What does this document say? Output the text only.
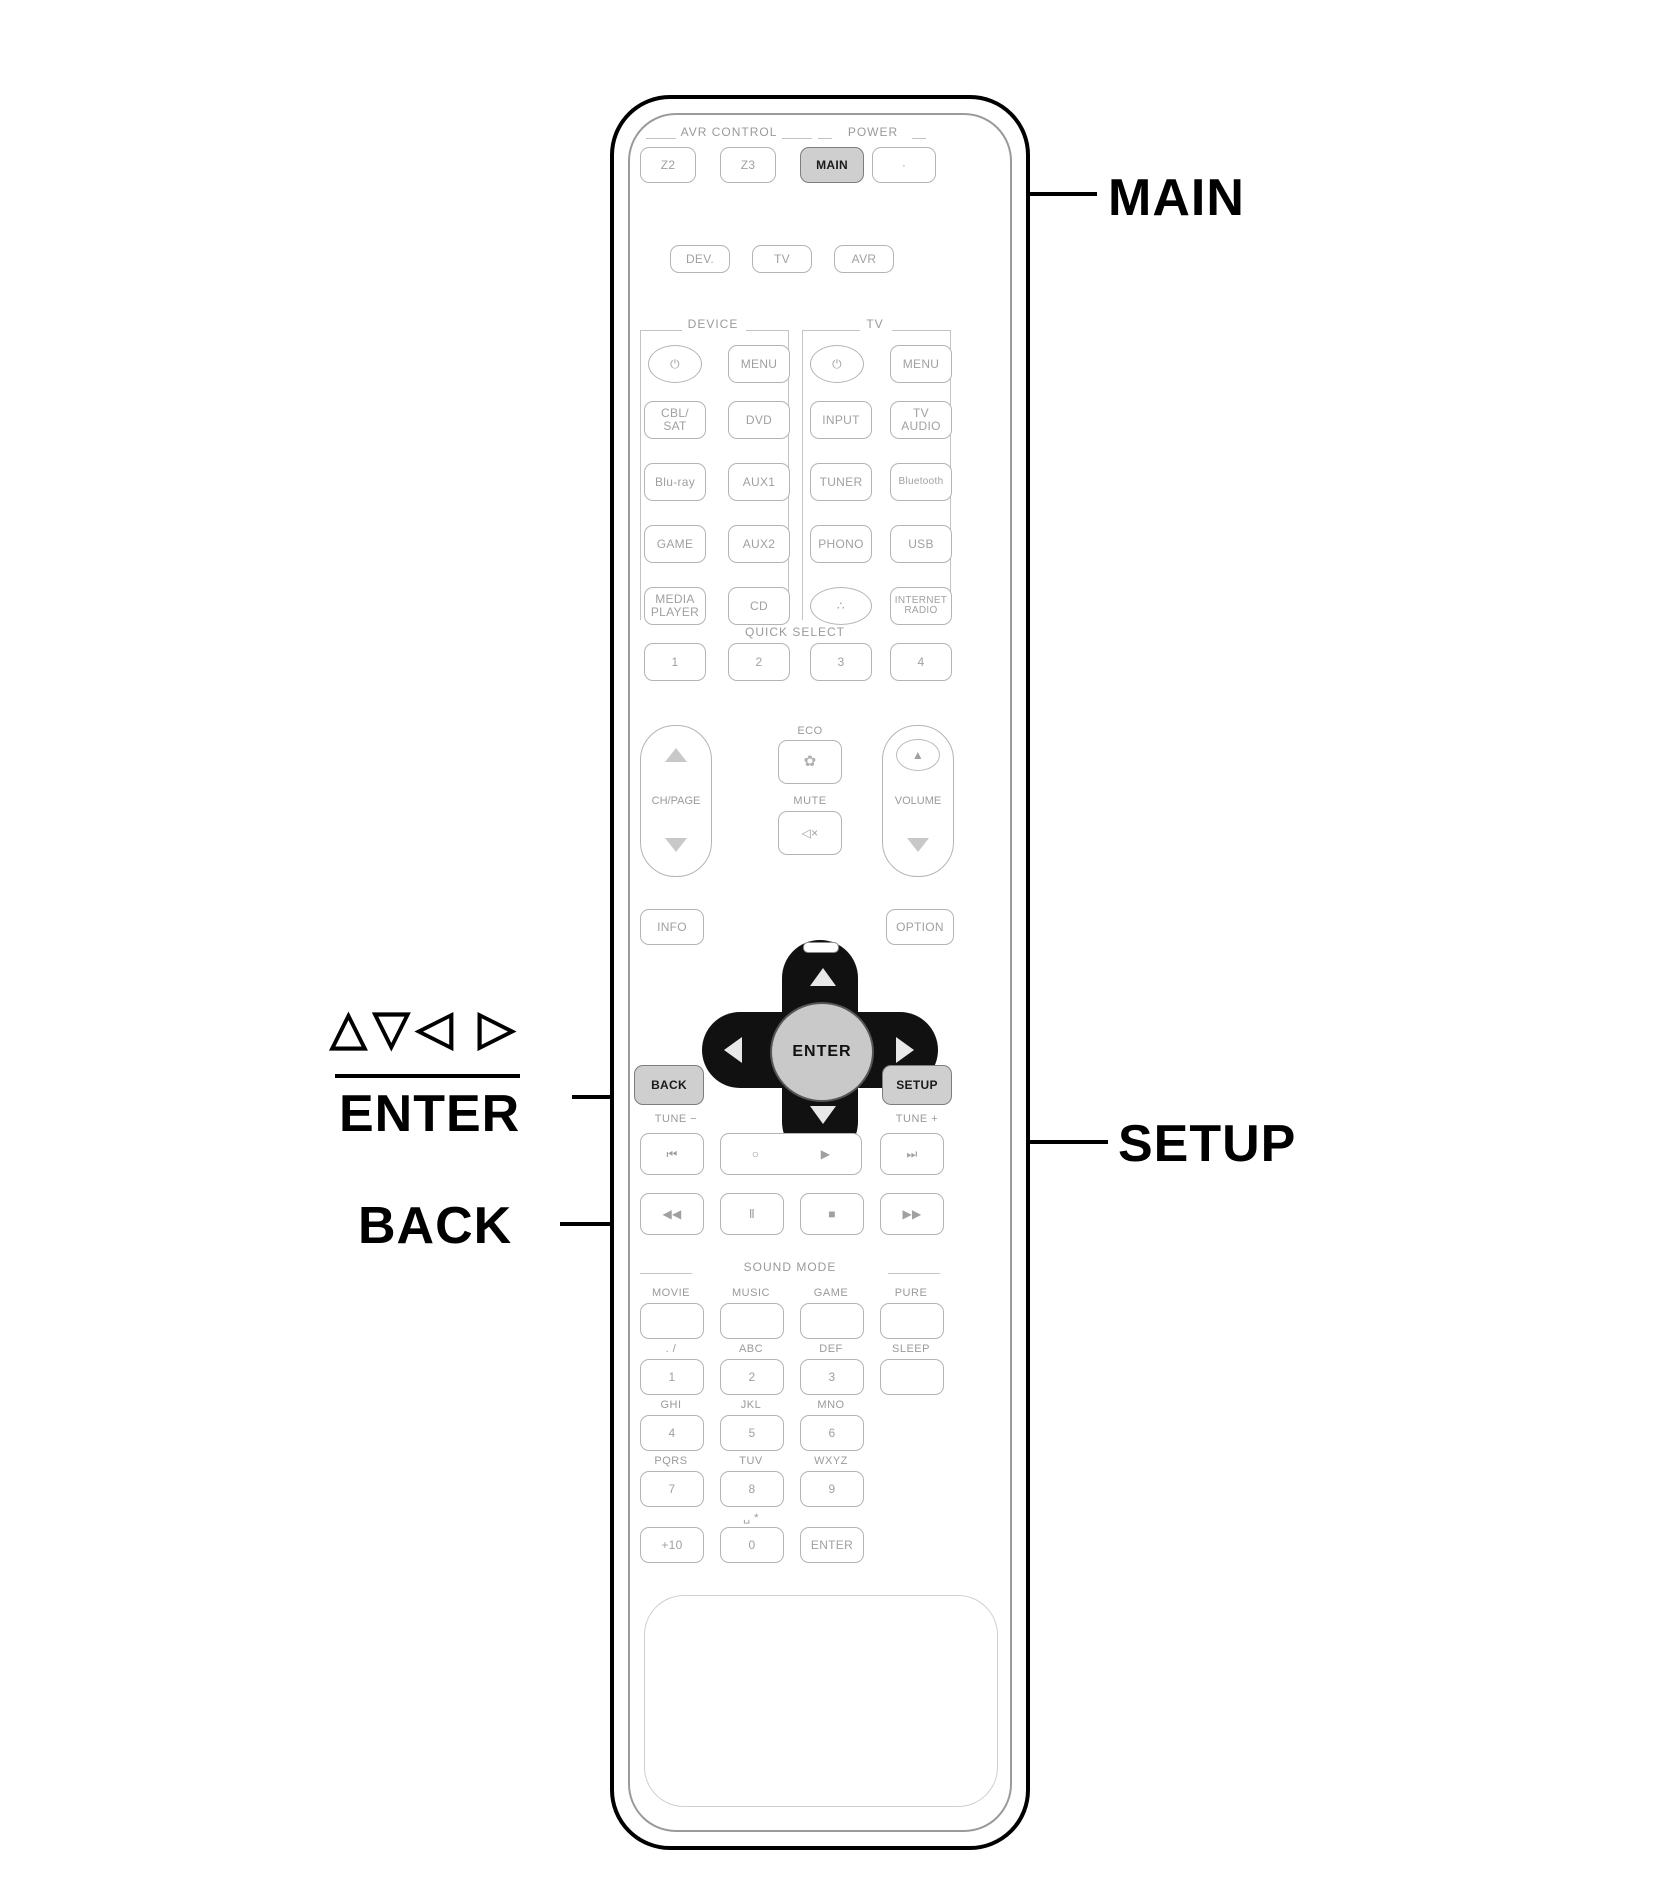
MAIN
SETUP
△▽◁ ▷
ENTER
BACK
AVR CONTROL	POWER
Z2	Z3	MAIN	·
DEV.	TV	AVR
DEVICE	TV
⏻	MENU	⏻	MENU
CBL/
SAT	DVD	INPUT	TV
AUDIO
Blu-ray	AUX1	TUNER	Bluetooth
GAME	AUX2	PHONO	USB
MEDIA
PLAYER	CD	∴	INTERNET
RADIO
QUICK SELECT
1	2	3	4
ECO
✿
CH/PAGE
▲
VOLUME
MUTE
◁×
INFO	OPTION
ENTER
BACK	SETUP
TUNE −	TUNE +
⏮	○	▶	⏭
◀◀	Ⅱ	■	▶▶
SOUND MODE
MOVIE	MUSIC	GAME	PURE
. /	ABC	DEF	SLEEP
1	2	3
GHI	JKL	MNO
4	5	6
PQRS	TUV	WXYZ
7	8	9
␣ *
+10	0	ENTER
